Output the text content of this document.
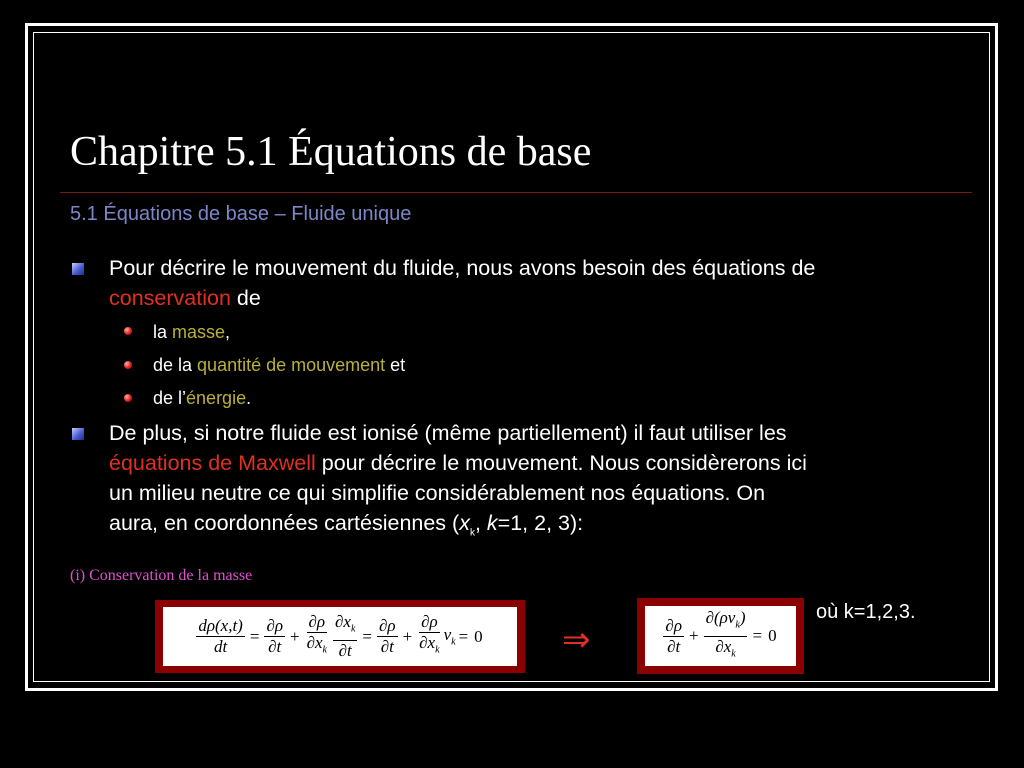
Chapitre 5.1 Équations de base
5.1 Équations de base – Fluide unique
Pour décrire le mouvement du fluide, nous avons besoin des équations de
conservation de
la masse,
de la quantité de mouvement et
de l’énergie.
De plus, si notre fluide est ionisé (même partiellement) il faut utiliser les
équations de Maxwell pour décrire le mouvement. Nous considèrerons ici
un milieu neutre ce qui simplifie considérablement nos équations. On
aura, en coordonnées cartésiennes ($x_k$, k=1, 2, 3):
(i) Conservation de la masse
$\frac{d\rho(x,t)}{dt} = \frac{\partial\rho}{\partial t} + \frac{\partial\rho}{\partial x_k} \frac{\partial x_k}{\partial t} = \frac{\partial\rho}{\partial t} + \frac{\partial\rho}{\partial x_k} v_k = 0$ ⇒	$\frac{\partial\rho}{\partial t} + \frac{\partial(\rho v_k)}{\partial x_k} = 0$
où k=1,2,3.
